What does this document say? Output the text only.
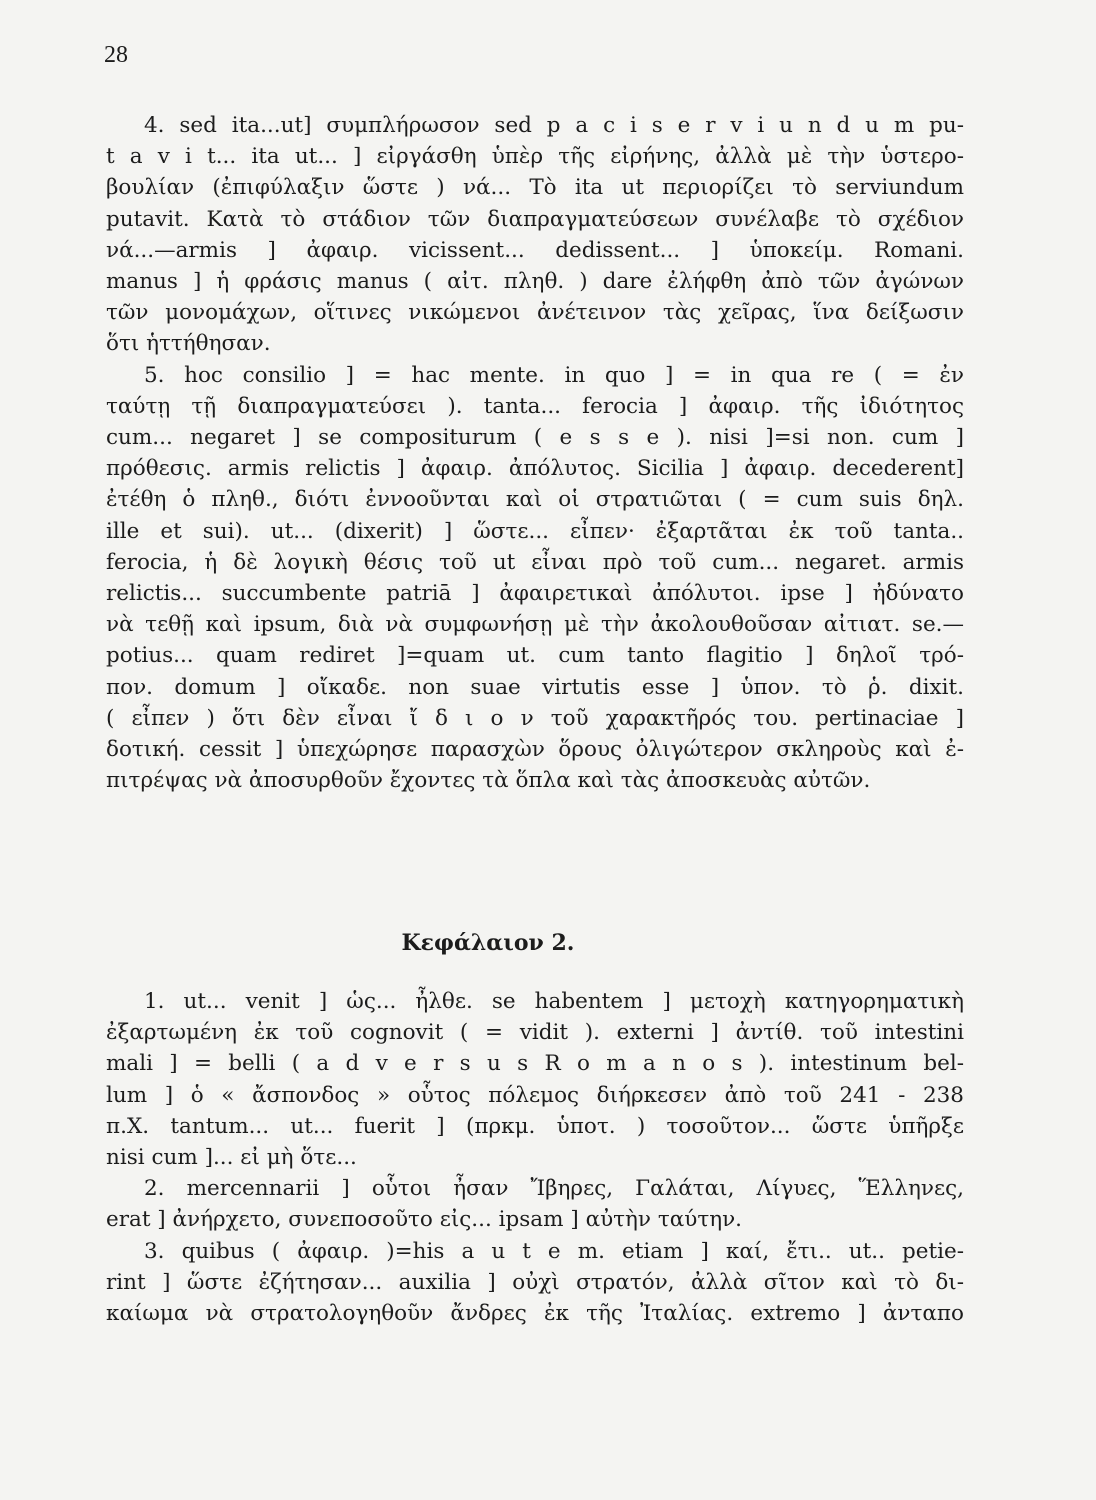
28
4. sed ita...ut] συμπλήρωσον sed p a c i s e r v i u n d u m pu-
t a v i t... ita ut... ] εἰργάσθη ὑπὲρ τῆς εἰρήνης, ἀλλὰ μὲ τὴν ὑστερο-
βουλίαν (ἐπιφύλαξιν ὥστε ) νά... Τὸ ita ut περιορίζει τὸ serviundum
putavit. Κατὰ τὸ στάδιον τῶν διαπραγματεύσεων συνέλαβε τὸ σχέδιον
νά...—armis ] ἀφαιρ. vicissent... dedissent... ] ὑποκείμ. Romani.
manus ] ἡ φράσις manus ( αἰτ. πληθ. ) dare ἐλήφθη ἀπὸ τῶν ἀγώνων
τῶν μονομάχων, οἵτινες νικώμενοι ἀνέτεινον τὰς χεῖρας, ἵνα δείξωσιν
ὅτι ἡττήθησαν.
5. hoc consilio ] = hac mente. in quo ] = in qua re ( = ἐν
ταύτῃ τῇ διαπραγματεύσει ). tanta... ferocia ] ἀφαιρ. τῆς ἰδιότητος
cum... negaret ] se compositurum ( e s s e ). nisi ]=si non. cum ]
πρόθεσις. armis relictis ] ἀφαιρ. ἀπόλυτος. Sicilia ] ἀφαιρ. decederent]
ἐτέθη ὁ πληθ., διότι ἐννοοῦνται καὶ οἱ στρατιῶται ( = cum suis δηλ.
ille et sui). ut... (dixerit) ] ὥστε... εἶπεν· ἐξαρτᾶται ἐκ τοῦ tanta..
ferocia, ἡ δὲ λογικὴ θέσις τοῦ ut εἶναι πρὸ τοῦ cum... negaret. armis
relictis... succumbente patriā ] ἀφαιρετικαὶ ἀπόλυτοι. ipse ] ἠδύνατο
νὰ τεθῇ καὶ ipsum, διὰ νὰ συμφωνήσῃ μὲ τὴν ἀκολουθοῦσαν αἰτιατ. se.—
potius... quam rediret ]=quam ut. cum tanto flagitio ] δηλοῖ τρό-
πον. domum ] οἴκαδε. non suae virtutis esse ] ὑπον. τὸ ῥ. dixit.
( εἶπεν ) ὅτι δὲν εἶναι ἴ δ ι ο ν τοῦ χαρακτῆρός του. pertinaciae ]
δοτική. cessit ] ὑπεχώρησε παρασχὼν ὅρους ὀλιγώτερον σκληροὺς καὶ ἐ-
πιτρέψας νὰ ἀποσυρθοῦν ἔχοντες τὰ ὅπλα καὶ τὰς ἀποσκευὰς αὐτῶν.
Κεφάλαιον 2.
1. ut... venit ] ὡς... ἦλθε. se habentem ] μετοχὴ κατηγορηματικὴ
ἐξαρτωμένη ἐκ τοῦ cognovit ( = vidit ). externi ] ἀντίθ. τοῦ intestini
mali ] = belli ( a d v e r s u s R o m a n o s ). intestinum bel-
lum ] ὁ « ἄσπονδος » οὗτος πόλεμος διήρκεσεν ἀπὸ τοῦ 241 - 238
π.Χ. tantum... ut... fuerit ] (πρκμ. ὑποτ. ) τοσοῦτον... ὥστε ὑπῆρξε
nisi cum ]... εἰ μὴ ὅτε...
2. mercennarii ] οὗτοι ἦσαν Ἴβηρες, Γαλάται, Λίγυες, Ἕλληνες,
erat ] ἀνήρχετο, συνεποσοῦτο εἰς... ipsam ] αὐτὴν ταύτην.
3. quibus ( ἀφαιρ. )=his a u t e m. etiam ] καί, ἔτι.. ut.. petie-
rint ] ὥστε ἐζήτησαν... auxilia ] οὐχὶ στρατόν, ἀλλὰ σῖτον καὶ τὸ δι-
καίωμα νὰ στρατολογηθοῦν ἄνδρες ἐκ τῆς Ἰταλίας. extremo ] ἀνταπο
